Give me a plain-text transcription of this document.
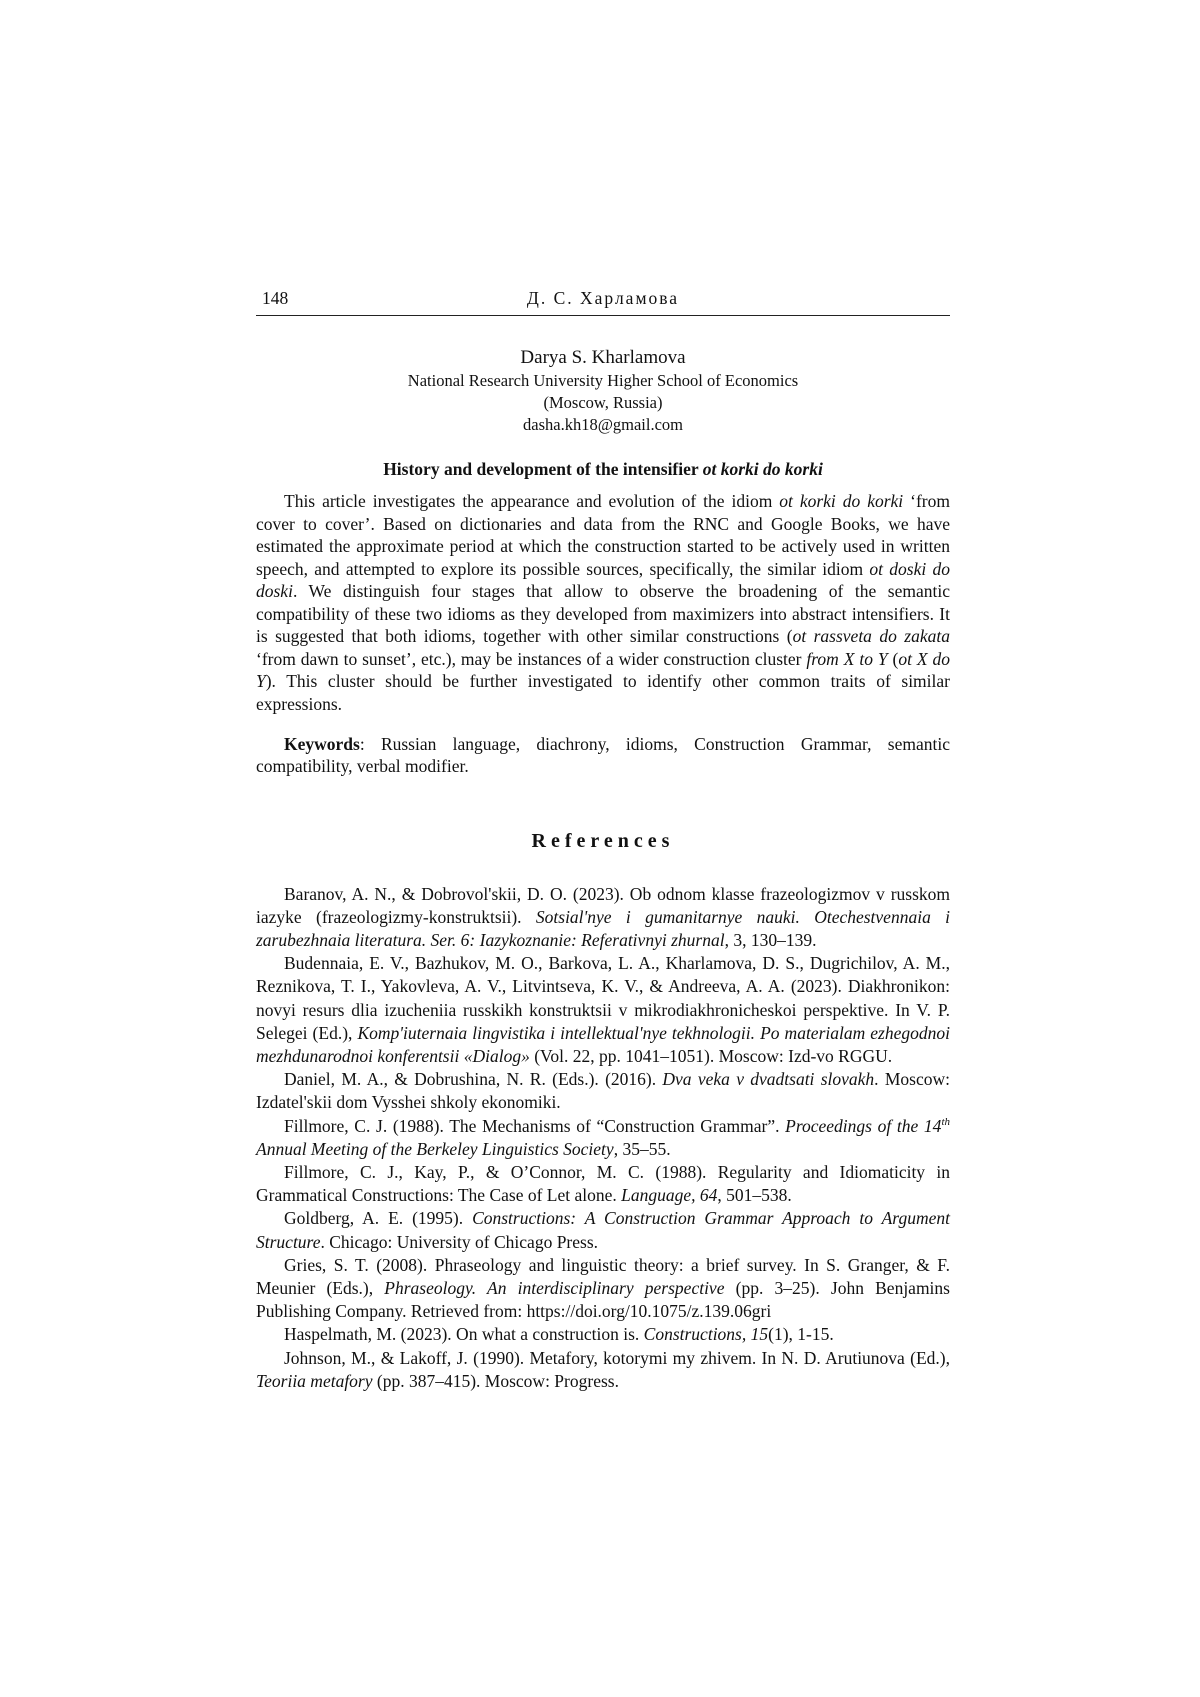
148	Д. С. Харламова
Darya S. Kharlamova
National Research University Higher School of Economics
(Moscow, Russia)
dasha.kh18@gmail.com
History and development of the intensifier ot korki do korki

This article investigates the appearance and evolution of the idiom ot korki do korki ‘from cover to cover’. Based on dictionaries and data from the RNC and Google Books, we have estimated the approximate period at which the construction started to be actively used in written speech, and attempted to explore its possible sources, specifically, the similar idiom ot doski do doski. We distinguish four stages that allow to observe the broadening of the semantic compatibility of these two idioms as they developed from maximizers into abstract intensifiers. It is suggested that both idioms, together with other similar constructions (ot rassveta do zakata ‘from dawn to sunset’, etc.), may be instances of a wider construction cluster from X to Y (ot X do Y). This cluster should be further investigated to identify other common traits of similar expressions.

Keywords: Russian language, diachrony, idioms, Construction Grammar, semantic compatibility, verbal modifier.

References

Baranov, A. N., & Dobrovol'skii, D. O. (2023). Ob odnom klasse frazeologizmov v russkom iazyke (frazeologizmy-konstruktsii). Sotsial'nye i gumanitarnye nauki. Otechestvennaia i zarubezhnaia literatura. Ser. 6: Iazykoznanie: Referativnyi zhurnal, 3, 130–139.

Budennaia, E. V., Bazhukov, M. O., Barkova, L. A., Kharlamova, D. S., Dugrichilov, A. M., Reznikova, T. I., Yakovleva, A. V., Litvintseva, K. V., & Andreeva, A. A. (2023). Diakhronikon: novyi resurs dlia izucheniia russkikh konstruktsii v mikrodiakhronicheskoi perspektive. In V. P. Selegei (Ed.), Komp'iuternaia lingvistika i intellektual'nye tekhnologii. Po materialam ezhegodnoi mezhdunarodnoi konferentsii «Dialog» (Vol. 22, pp. 1041–1051). Moscow: Izd-vo RGGU.

Daniel, M. A., & Dobrushina, N. R. (Eds.). (2016). Dva veka v dvadtsati slovakh. Moscow: Izdatel'skii dom Vysshei shkoly ekonomiki.

Fillmore, C. J. (1988). The Mechanisms of “Construction Grammar”. Proceedings of the 14th Annual Meeting of the Berkeley Linguistics Society, 35–55.

Fillmore, C. J., Kay, P., & O’Connor, M. C. (1988). Regularity and Idiomaticity in Grammatical Constructions: The Case of Let alone. Language, 64, 501–538.

Goldberg, A. E. (1995). Constructions: A Construction Grammar Approach to Argument Structure. Chicago: University of Chicago Press.

Gries, S. T. (2008). Phraseology and linguistic theory: a brief survey. In S. Granger, & F. Meunier (Eds.), Phraseology. An interdisciplinary perspective (pp. 3–25). John Benjamins Publishing Company. Retrieved from: https://doi.org/10.1075/z.139.06gri

Haspelmath, M. (2023). On what a construction is. Constructions, 15(1), 1-15.

Johnson, M., & Lakoff, J. (1990). Metafory, kotorymi my zhivem. In N. D. Arutiunova (Ed.), Teoriia metafory (pp. 387–415). Moscow: Progress.
